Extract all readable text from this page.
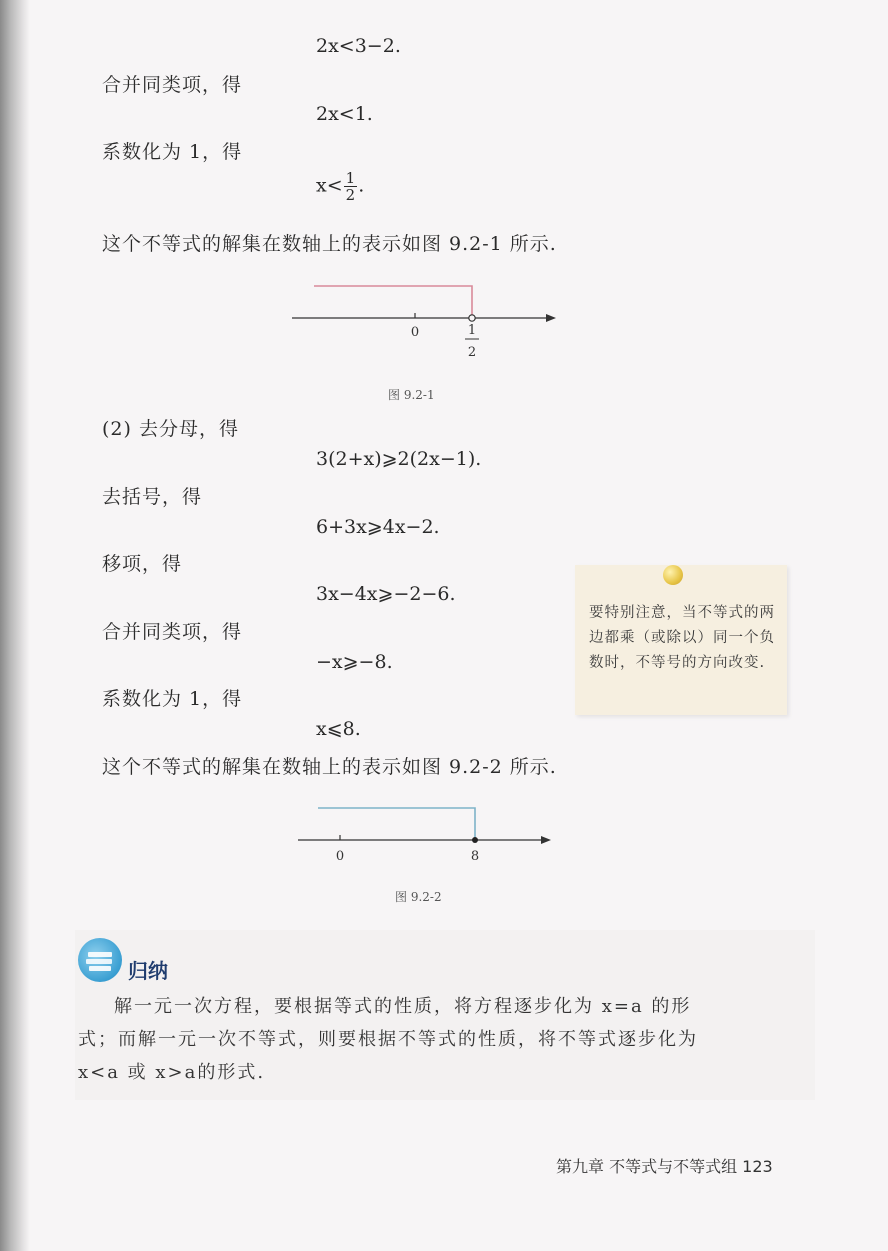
2x<3−2.
合并同类项，得
2x<1.
系数化为 1，得
$x< \frac{1}{2}$ .
这个不等式的解集在数轴上的表示如图 9.2-1 所示.
0	1
2
图 9.2-1
(2) 去分母，得
3(2+x)⩾2(2x−1).
去括号，得
6+3x⩾4x−2.
移项，得
3x−4x⩾−2−6.
合并同类项，得
−x⩾−8.
系数化为 1，得
x⩽8.
这个不等式的解集在数轴上的表示如图 9.2-2 所示.
要特别注意，当不等式的两边都乘（或除以）同一个负数时，不等号的方向改变.
0	8
图 9.2-2
归纳
解一元一次方程，要根据等式的性质，将方程逐步化为 x=a 的形
式；而解一元一次不等式，则要根据不等式的性质，将不等式逐步化为
x<a 或 x>a的形式.
第九章 不等式与不等式组 123
